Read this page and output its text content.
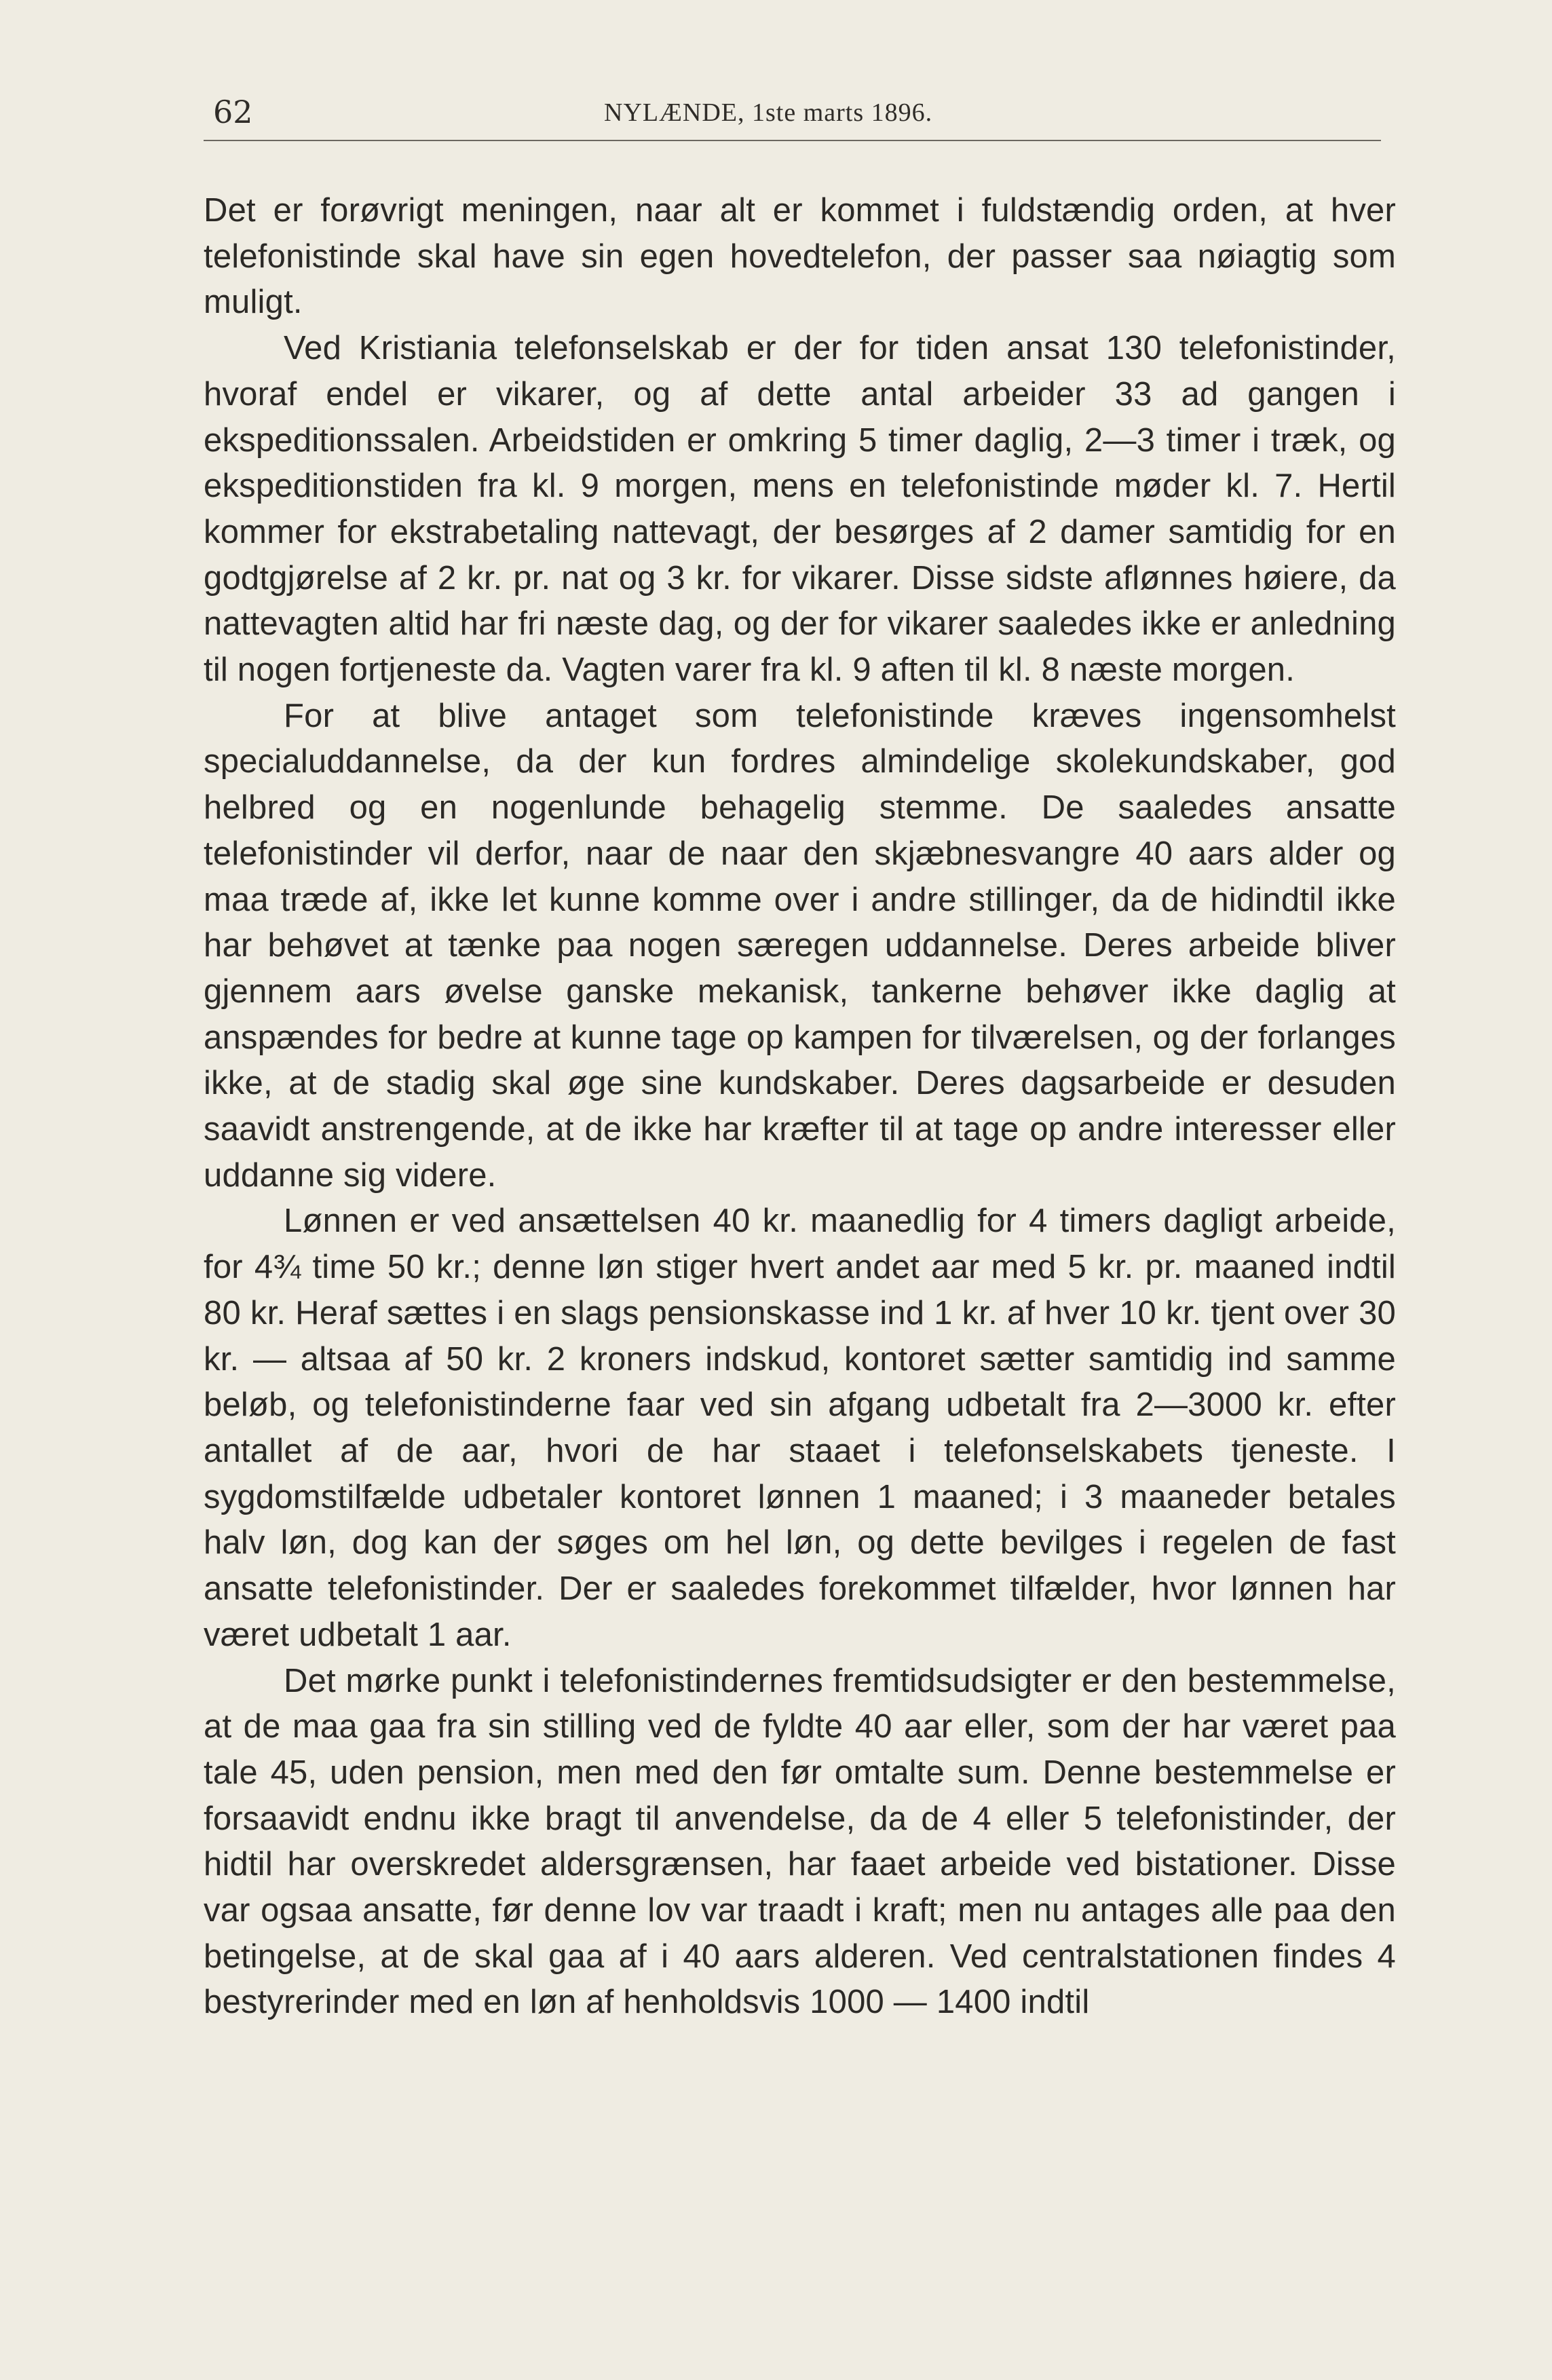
62	NYLÆNDE, 1ste marts 1896.

Det er forøvrigt meningen, naar alt er kommet i fuldstændig orden, at hver telefonistinde skal have sin egen hovedtelefon, der passer saa nøiagtig som muligt.

Ved Kristiania telefonselskab er der for tiden ansat 130 telefonistinder, hvoraf endel er vikarer, og af dette antal arbeider 33 ad gangen i ekspeditionssalen. Arbeidstiden er omkring 5 timer daglig, 2—3 timer i træk, og ekspeditionstiden fra kl. 9 morgen, mens en telefonistinde møder kl. 7. Hertil kommer for ekstrabetaling nattevagt, der besørges af 2 damer samtidig for en godtgjørelse af 2 kr. pr. nat og 3 kr. for vikarer. Disse sidste aflønnes høiere, da nattevagten altid har fri næste dag, og der for vikarer saaledes ikke er anledning til nogen fortjeneste da. Vagten varer fra kl. 9 aften til kl. 8 næste morgen.

For at blive antaget som telefonistinde kræves ingensomhelst specialuddannelse, da der kun fordres almindelige skolekundskaber, god helbred og en nogenlunde behagelig stemme. De saaledes ansatte telefonistinder vil derfor, naar de naar den skjæbnesvangre 40 aars alder og maa træde af, ikke let kunne komme over i andre stillinger, da de hidindtil ikke har behøvet at tænke paa nogen særegen uddannelse. Deres arbeide bliver gjennem aars øvelse ganske mekanisk, tankerne behøver ikke daglig at anspændes for bedre at kunne tage op kampen for tilværelsen, og der forlanges ikke, at de stadig skal øge sine kundskaber. Deres dagsarbeide er desuden saavidt anstrengende, at de ikke har kræfter til at tage op andre interesser eller uddanne sig videre.

Lønnen er ved ansættelsen 40 kr. maanedlig for 4 timers dagligt arbeide, for 4¾ time 50 kr.; denne løn stiger hvert andet aar med 5 kr. pr. maaned indtil 80 kr. Heraf sættes i en slags pensionskasse ind 1 kr. af hver 10 kr. tjent over 30 kr. — altsaa af 50 kr. 2 kroners indskud, kontoret sætter samtidig ind samme beløb, og telefonistinderne faar ved sin afgang udbetalt fra 2—3000 kr. efter antallet af de aar, hvori de har staaet i telefonselskabets tjeneste. I sygdomstilfælde udbetaler kontoret lønnen 1 maaned; i 3 maaneder betales halv løn, dog kan der søges om hel løn, og dette bevilges i regelen de fast ansatte telefonistinder. Der er saaledes forekommet tilfælder, hvor lønnen har været udbetalt 1 aar.

Det mørke punkt i telefonistindernes fremtidsudsigter er den bestemmelse, at de maa gaa fra sin stilling ved de fyldte 40 aar eller, som der har været paa tale 45, uden pension, men med den før omtalte sum. Denne bestemmelse er forsaavidt endnu ikke bragt til anvendelse, da de 4 eller 5 telefonistinder, der hidtil har overskredet aldersgrænsen, har faaet arbeide ved bistationer. Disse var ogsaa ansatte, før denne lov var traadt i kraft; men nu antages alle paa den betingelse, at de skal gaa af i 40 aars alderen. Ved centralstationen findes 4 bestyrerinder med en løn af henholdsvis 1000 — 1400 indtil
